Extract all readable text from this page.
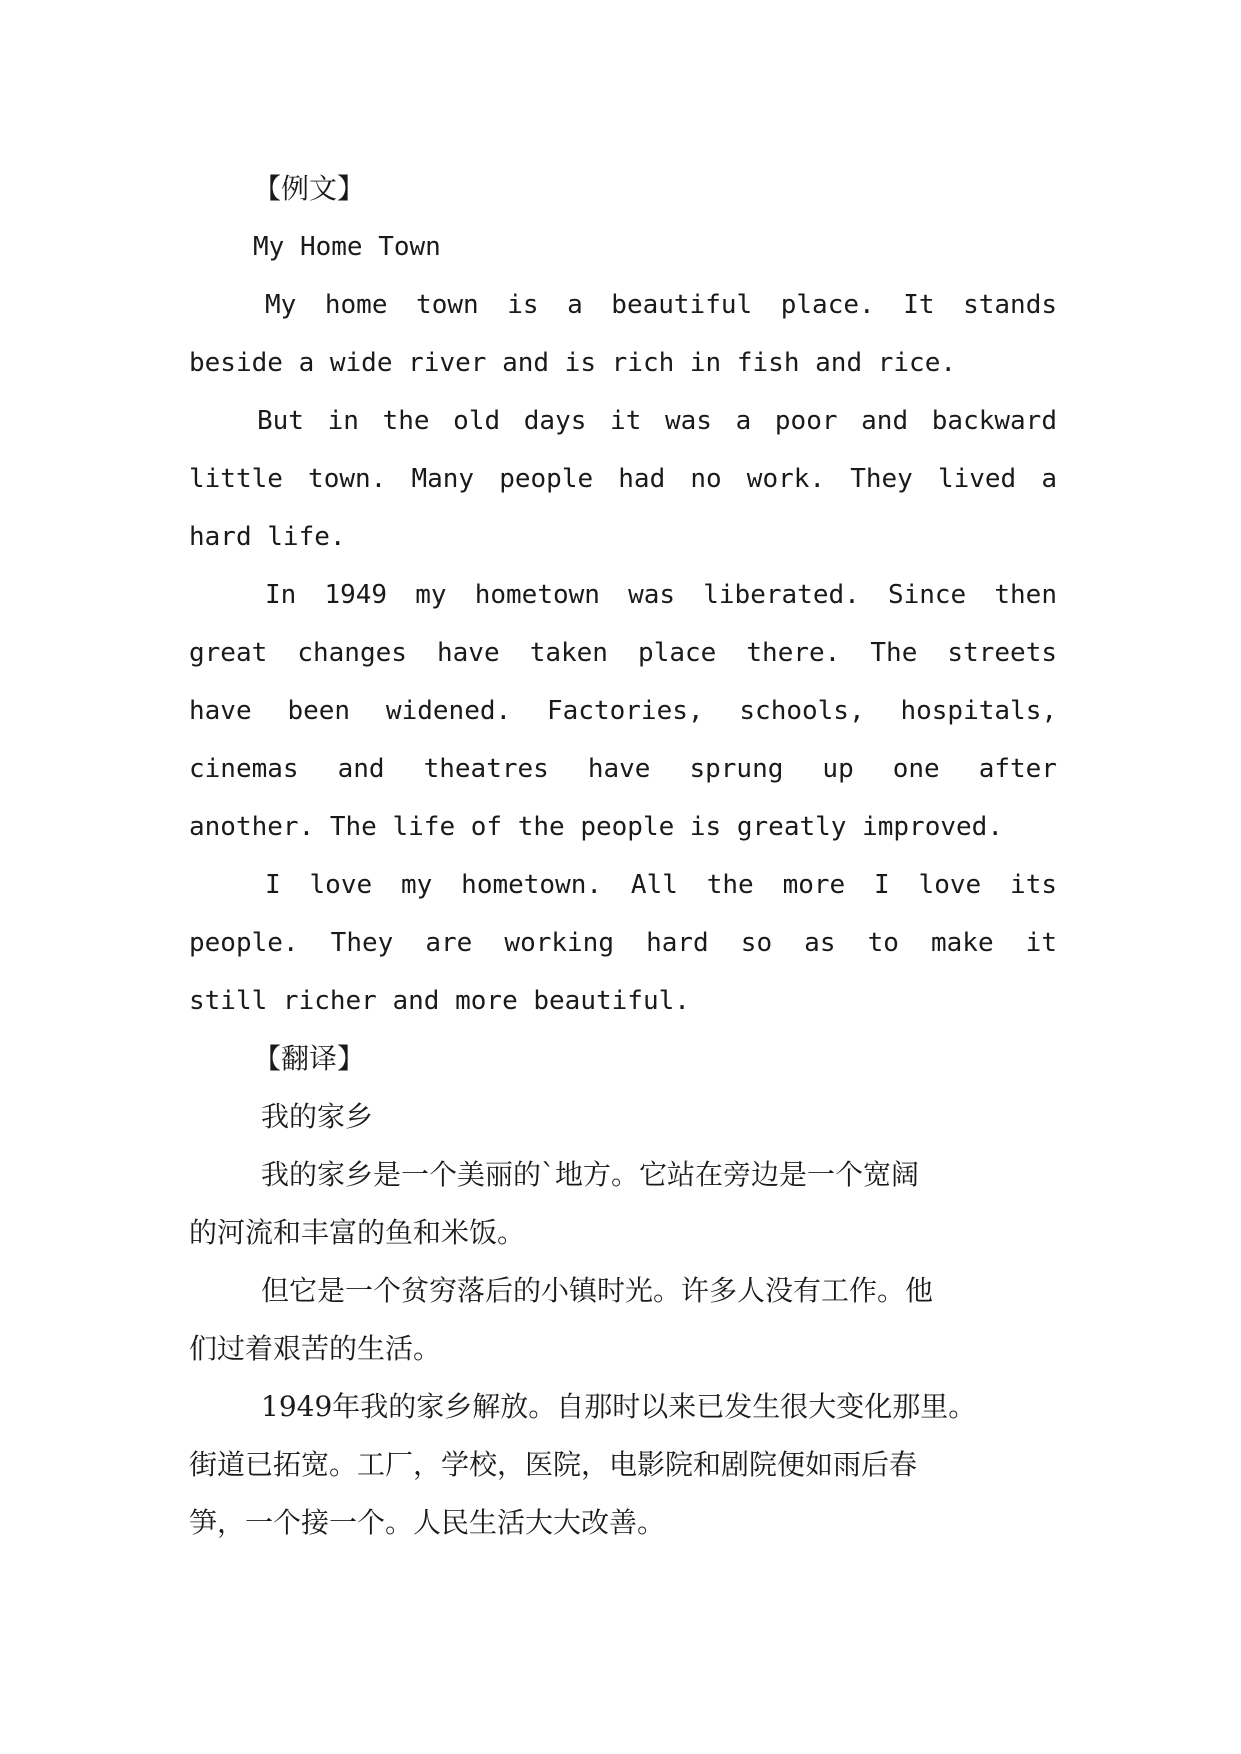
【例文】

My Home Town

My home town is a beautiful place. It stands

beside a wide river and is rich in fish and rice.

But in the old days it was a poor and backward

little town. Many people had no work. They lived a

hard life.

In 1949 my hometown was liberated. Since then

great changes have taken place there. The streets

have been widened. Factories, schools, hospitals,

cinemas and theatres have sprung up one after

another. The life of the people is greatly improved.

I love my hometown. All the more I love its

people. They are working hard so as to make it

still richer and more beautiful.

【翻译】

我的家乡

我的家乡是一个美丽的`地方。它站在旁边是一个宽阔

的河流和丰富的鱼和米饭。

但它是一个贫穷落后的小镇时光。许多人没有工作。他

们过着艰苦的生活。

1949年我的家乡解放。自那时以来已发生很大变化那里。

街道已拓宽。工厂，学校，医院，电影院和剧院便如雨后春

笋，一个接一个。人民生活大大改善。
